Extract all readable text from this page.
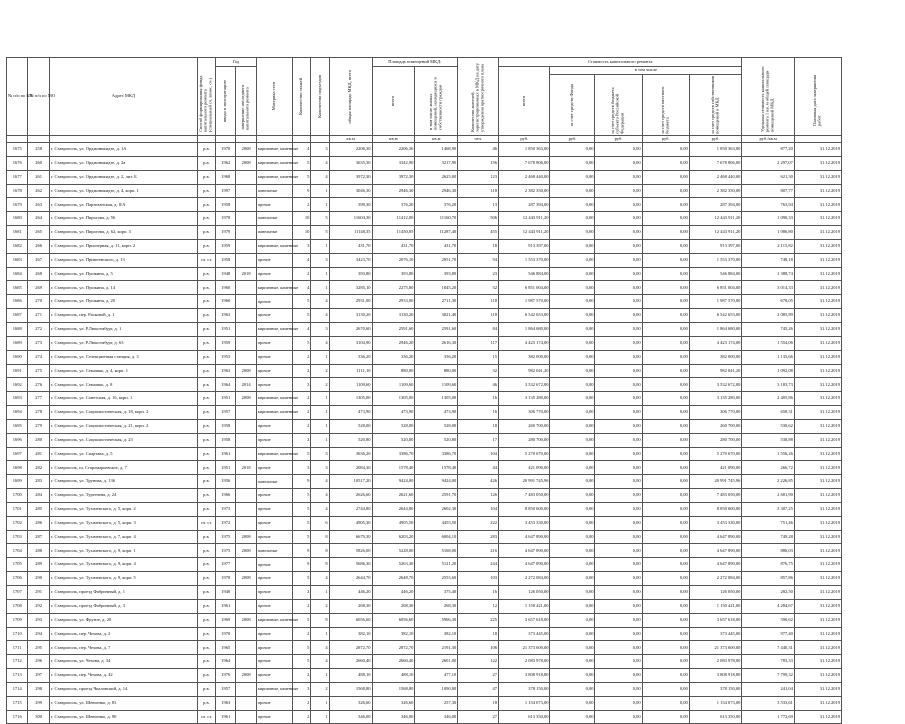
№ п/п по КП	№ п/п по МО	Адрес МКД	Способ формирования фонда капитального ремонта (специальный сч. взнос. сч.)	Год		Материал стен	Количество этажей	Количество подъездов	общая площадь МКД, всего	Площадь помещений МКД:		Количество жителей, зарегистрированных в МКД на дату утверждения краткосрочного плана	Стоимость капитального ремонта					Удельная стоимость капитального ремонта 1 кв. м общей площади помещений МКД	Плановая дата завершения работ

				ввода в эксплуатацию	завершение последнего капитального ремонта					всего	в том числе жилых помещений, находящихся в собственности граждан		всего	в том числе					

														за счет средств Фонда	за счет средств бюджета субъекта Российской Федерации	за счет средств местного бюджета	за счет средств собственников помещений в МКД		

									кв.м	кв.м	кв.м	чел.	руб.	руб.	руб.	руб.	руб.	руб./кв.м	
1675	258	г. Ставрополь, ул. Орджоникидзе, д. 1А	р.в.	1970	2008	кирпичные, каменные	4	3	2206,30	2206,30	1468,90	46	1 850 363,00	0,00	0,00	0,00	1 850 363,00	877,20	31.12.2019
1676	260	г. Ставрополь, ул. Орджоникидзе, д. 2а	р.в.	1962	2008	кирпичные, каменные	5	4	3635,30	3342,90	3217,90	156	7 678 806,00	0,00	0,00	0,00	7 678 806,00	2 297,07	31.12.2019
1677	261	г. Ставрополь, ул. Орджоникидзе, д. 2, лит. Б	р.в.	1968		кирпичные, каменные	5	4	3972,30	3972,30	2625,00	123	2 468 440,00	0,00	0,00	0,00	2 468 440,00	621,30	31.12.2019
1678	262	г. Ставрополь, ул. Орджоникидзе, д. 4, корп. 1	р.в.	1997		панельные	9	1	3046,30	2946,30	2946,30	118	2 382 350,00	0,00	0,00	0,00	2 382 350,00	807,77	31.12.2019
1679	263	г. Ставрополь, ул. Партизанская, д. 8/А	р.в.	1958		прочие	2	1	399,30	376,20	376,20	13	287 394,00	0,00	0,00	0,00	287 394,00	763,94	31.12.2019
1680	264	г. Ставрополь, ул. Пирогова, д. 56	р.в.	1978		панельные	10	5	11604,30	11412,00	11160,70	506	12 443 911,20	0,00	0,00	0,00	12 443 911,20	1 090,33	31.12.2019
1681	265	г. Ставрополь, ул. Пирогова, д. 62, корп. 3	р.в.	1979		панельные	10	5	11148,35	11450,05	11287,40	455	12 443 911,20	0,00	0,00	0,00	12 443 911,20	1 086,80	31.12.2019
1682	266	г. Ставрополь, ул. Приозерная, д. 11, корп. 2	р.в.	1959		кирпичные, каменные	3	1	431,70	431,70	431,70	18	913 397,00	0,00	0,00	0,00	913 397,00	2 115,82	31.12.2019
1683	267	г. Ставрополь, ул. Приютенского, д. 13	сч. ст.	1958		прочие	4	3	3423,70	2076,10	2051,70	94	1 553 370,00	0,00	0,00	0,00	1 553 370,00	748,18	31.12.2019
1684	268	г. Ставрополь, ул. Пушкина, д. 5	р.в.	1948	2018	прочие	2	1	393,80	393,80	393,80	23	546 884,00	0,00	0,00	0,00	546 884,00	1 388,74	31.12.2019
1685	269	г. Ставрополь, ул. Пушкина, д. 14	р.в.	1960		кирпичные, каменные	4	1	3285,10	2275,80	1845,20	52	6 851 004,00	0,00	0,00	0,00	6 851 004,00	3 014,33	31.12.2019
1686	270	г. Ставрополь, ул. Пушкина, д. 20	р.в.	1960		прочие	5	4	2931,00	2933,00	2711,30	118	1 987 570,00	0,00	0,00	0,00	1 987 570,00	678,05	31.12.2019
1687	271	г. Ставрополь, пер. Расковой, д. 1	р.в.	1963		прочие	5	4	3130,20	3130,20	3021,40	118	6 542 653,00	0,00	0,00	0,00	6 542 653,00	2 085,89	31.12.2019
1688	272	г. Ставрополь, ул. Р.Люксембург, д. 1	р.в.	1951		кирпичные, каменные	4	3	2670,60	2591,60	2591,60	84	1 864 680,00	0,00	0,00	0,00	1 864 680,00	745,26	31.12.2019
1689	273	г. Ставрополь, ул. Р.Люксембург, д. 63	р.в.	1959		прочие	5	4	3104,90	2946,20	2616,30	117	4 423 174,00	0,00	0,00	0,00	4 423 174,00	1 554,06	31.12.2019
1690	274	г. Ставрополь, ул. Селекционная станция, д. 3	р.в.	1953		прочие	2	1	336,20	336,20	336,20	15	382 000,00	0,00	0,00	0,00	382 000,00	1 135,66	31.12.2019
1691	275	г. Ставрополь, ул. Семашко, д. 4, корп. 1	р.в.	1963	2008	прочие	2	2	1111,10	880,00	880,00	32	982 041,20	0,00	0,00	0,00	982 041,20	1 092,08	31.12.2019
1692	276	г. Ставрополь, ул. Семашко, д. 8	р.в.	1964	2014	прочие	3	2	1109,60	1109,60	1109,60	46	3 532 672,00	0,00	0,00	0,00	3 532 672,00	3 183,73	31.12.2019
1693	277	г. Ставрополь, ул. Советская, д. 16, корп. 1	р.в.	1951	2008	кирпичные, каменные	2	1	1305,00	1305,00	1305,00	16	3 135 280,00	0,00	0,00	0,00	3 135 280,00	2 405,86	31.12.2019
1694	278	г. Ставрополь, ул. Социалистическая, д. 18, корп. 2	р.в.	1957		кирпичные, каменные	2	1	473,90	473,90	473,90	16	306 770,00	0,00	0,00	0,00	306 770,00	658,31	31.12.2019
1695	279	г. Ставрополь, ул. Социалистическая, д. 21, корп. 2	р.в.	1958		прочие	2	1	528,00	528,00	528,00	18	260 700,00	0,00	0,00	0,00	260 700,00	530,62	31.12.2019
1696	280	г. Ставрополь, ул. Социалистическая, д. 23	р.в.	1958		прочие	2	1	520,80	520,80	520,80	17	280 700,00	0,00	0,00	0,00	280 700,00	538,88	31.12.2019
1697	281	г. Ставрополь, ул. Спартака, д. 5	р.в.	1961		кирпичные, каменные	5	3	3636,20	3386,70	3386,70	104	5 270 670,00	0,00	0,00	0,00	5 270 670,00	1 556,26	31.12.2019
1698	282	г. Ставрополь, ш. Старомарьевское, д. 7	р.в.	1951	2018	прочие	3	3	2084,30	1578,40	1578,40	44	421 090,00	0,00	0,00	0,00	421 090,00	266,72	31.12.2019
1699	283	г. Ставрополь, ул. Трунова, д. 136	р.в.	1956		панельные	9	4	10517,20	9424,00	9424,00	426	20 991 745,96	0,00	0,00	0,00	20 991 745,96	2 226,85	31.12.2019
1700	284	г. Ставрополь, ул. Тургенева, д. 24	р.в.	1966		прочие	5	4	2626,60	2621,60	2591,70	126	7 483 050,00	0,00	0,00	0,00	7 483 050,00	2 681,90	31.12.2019
1701	285	г. Ставрополь, ул. Тухачевского, д. 5, корп. 2	р.в.	1973		прочие	5	4	2744,80	2644,80	2602,30	104	8 850 600,00	0,00	0,00	0,00	8 850 600,00	3 307,25	31.12.2019
1702	286	г. Ставрополь, ул. Тухачевского, д. 5, корп. 3	сч. ст.	1972		прочие	5	6	4905,30	4905,50	4455,50	222	3 453 330,00	0,00	0,00	0,00	3 453 330,00	751,46	31.12.2019
1703	287	г. Ставрополь, ул. Тухачевского, д. 7, корп. 4	р.в.	1975	2008	прочие	5	8	6679,30	6203,20	6004,10	283	4 647 890,00	0,00	0,00	0,00	4 647 890,00	749,28	31.12.2019
1704	288	г. Ставрополь, ул. Тухачевского, д. 9, корп. 1	р.в.	1975	2008	панельные	9	8	5826,00	5228,00	5168,00	216	4 647 890,00	0,00	0,00	0,00	4 647 890,00	886,03	31.12.2019
1705	289	г. Ставрополь, ул. Тухачевского, д. 9, корп. 4	р.в.	1977		прочие	9	8	5686,30	5263,30	5121,20	244	4 647 890,00	0,00	0,00	0,00	4 647 890,00	876,75	31.12.2019
1706	290	г. Ставрополь, ул. Тухачевского, д. 9, корп. 5	р.в.	1978	2008	прочие	5	4	2644,70	2648,70	2553,60	103	2 272 084,00	0,00	0,00	0,00	2 272 084,00	857,86	31.12.2019
1707	291	г. Ставрополь, проезд Фабричный, д. 1	р.в.	1940		прочие	2	1	446,20	446,20	375,40	16	126 050,00	0,00	0,00	0,00	126 050,00	282,50	31.12.2019
1708	292	г. Ставрополь, проезд Фабричный, д. 3	р.в.	1961		прочие	2	2	268,30	268,30	268,30	12	1 150 421,00	0,00	0,00	0,00	1 150 421,00	4 284,67	31.12.2019
1709	293	г. Ставрополь, ул. Фрунзе, д. 20	р.в.	1969	2008	кирпичные, каменные	5	8	6056,60	6056,60	5966,30	225	3 657 618,00	0,00	0,00	0,00	3 657 618,00	590,62	31.12.2019
1710	294	г. Ставрополь, пер. Чехова, д. 2	р.в.	1970		прочие	2	1	382,10	382,10	382,10	18	373 445,00	0,00	0,00	0,00	373 445,00	977,40	31.12.2019
1711	295	г. Ставрополь, пер. Чехова, д. 7	р.в.	1965		прочие	5	4	2872,70	2872,70	2191,30	106	21 373 600,00	0,00	0,00	0,00	21 373 600,00	7 440,31	31.12.2019
1712	296	г. Ставрополь, ул. Чехова, д. 34	р.в.	1964		прочие	5	4	2660,40	2660,40	2601,00	122	2 083 978,00	0,00	0,00	0,00	2 083 978,00	783,33	31.12.2019
1713	297	г. Ставрополь, пер. Чехова, д. 42	р.в.	1976	2008	прочие	2	1	488,10	488,10	477,10	27	3 808 918,80	0,00	0,00	0,00	3 808 918,80	7 799,32	31.12.2019
1714	298	г. Ставрополь, проезд Чкаловский, д. 14	р.в.	1957		кирпичные, каменные	3	2	1568,80	1568,80	1090,00	47	378 150,00	0,00	0,00	0,00	378 150,00	241,04	31.12.2019
1715	299	г. Ставрополь, ул. Шевченко, д. 83	р.в.	1963		прочие	2	1	326,60	326,60	257,30	18	1 154 073,00	0,00	0,00	0,00	1 154 073,00	3 533,61	31.12.2019
1716	300	г. Ставрополь, ул. Шевченко, д. 90	сч. ст.	1961		прочие	2	1	346,00	346,00	346,00	27	613 350,00	0,00	0,00	0,00	613 350,00	1 772,69	31.12.2019
